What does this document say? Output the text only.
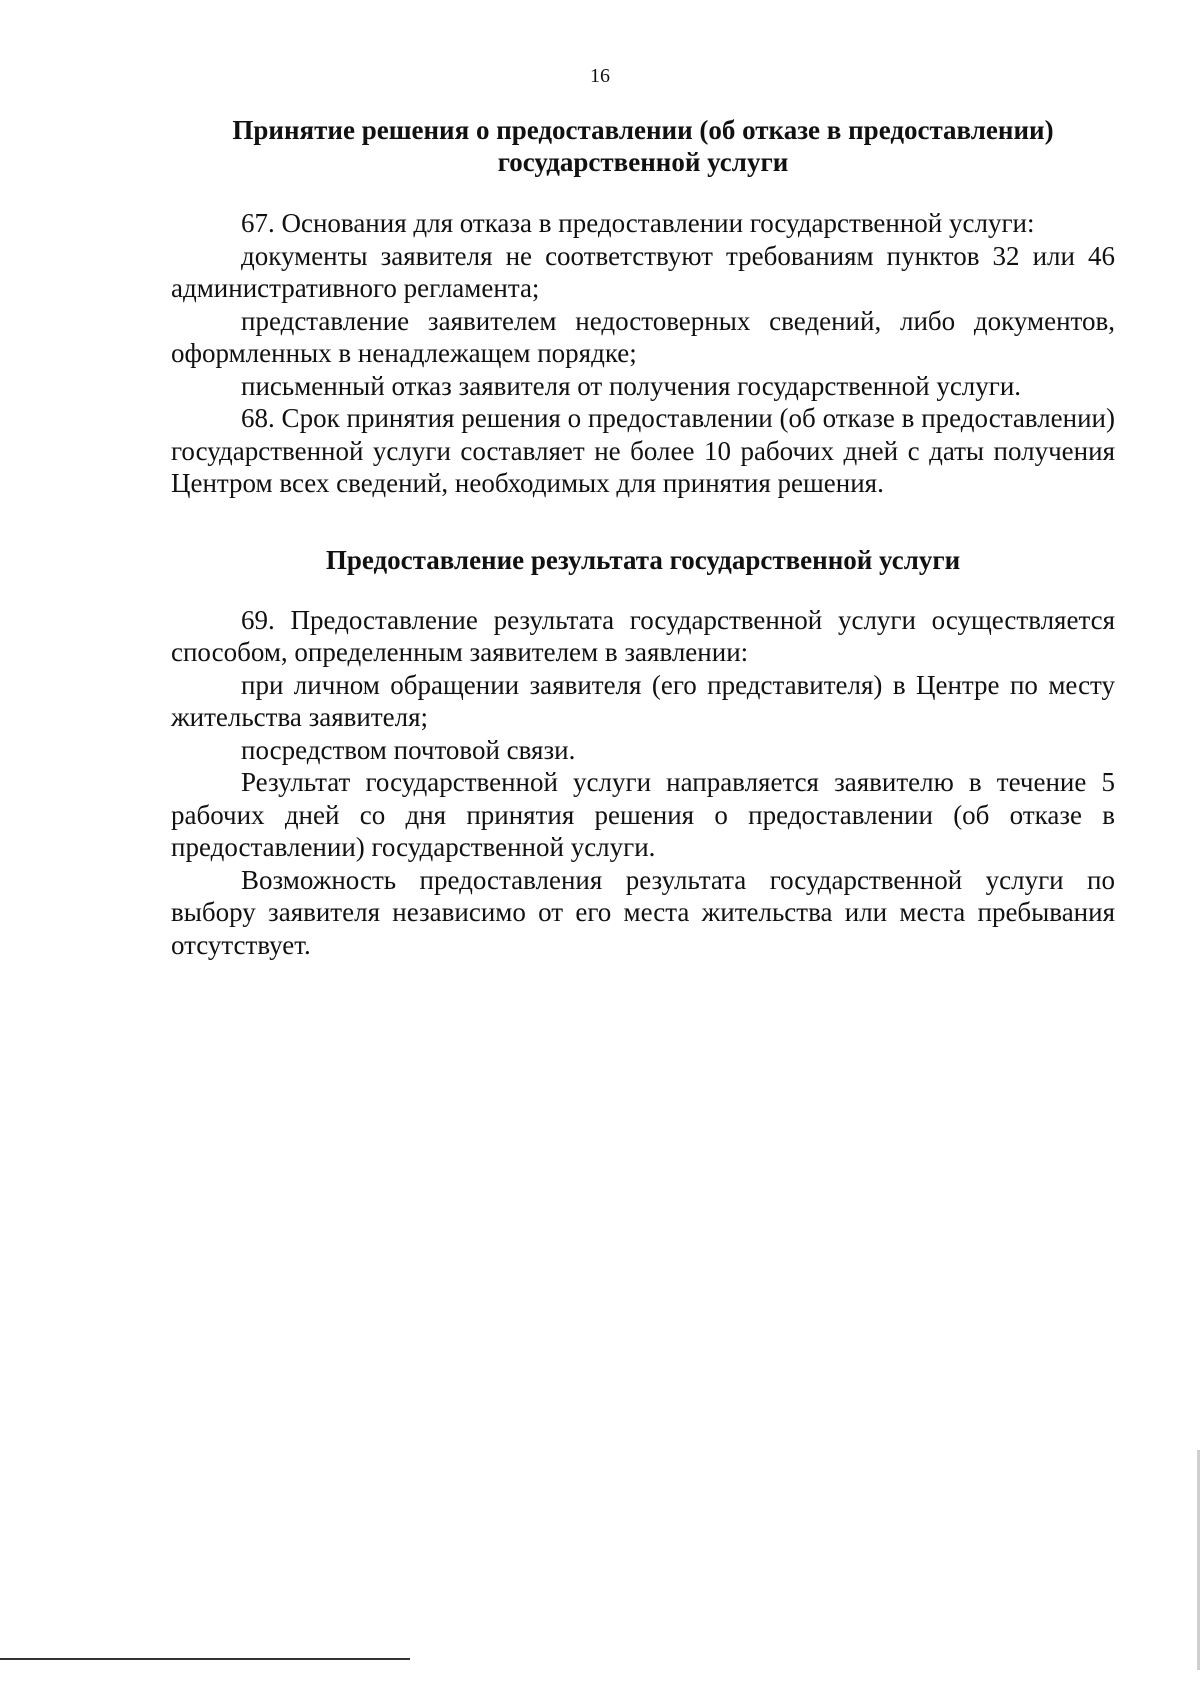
16
Принятие решения о предоставлении (об отказе в предоставлении)
государственной услуги

67. Основания для отказа в предоставлении государственной услуги:

документы заявителя не соответствуют требованиям пунктов 32 или 46 административного регламента;

представление заявителем недостоверных сведений, либо документов, оформленных в ненадлежащем порядке;

письменный отказ заявителя от получения государственной услуги.

68. Срок принятия решения о предоставлении (об отказе в предоставлении) государственной услуги составляет не более 10 рабочих дней с даты получения Центром всех сведений, необходимых для принятия решения.

Предоставление результата государственной услуги

69. Предоставление результата государственной услуги осуществляется способом, определенным заявителем в заявлении:

при личном обращении заявителя (его представителя) в Центре по месту жительства заявителя;

посредством почтовой связи.

Результат государственной услуги направляется заявителю в течение 5 рабочих дней со дня принятия решения о предоставлении (об отказе в предоставлении) государственной услуги.

Возможность предоставления результата государственной услуги по выбору заявителя независимо от его места жительства или места пребывания отсутствует.
